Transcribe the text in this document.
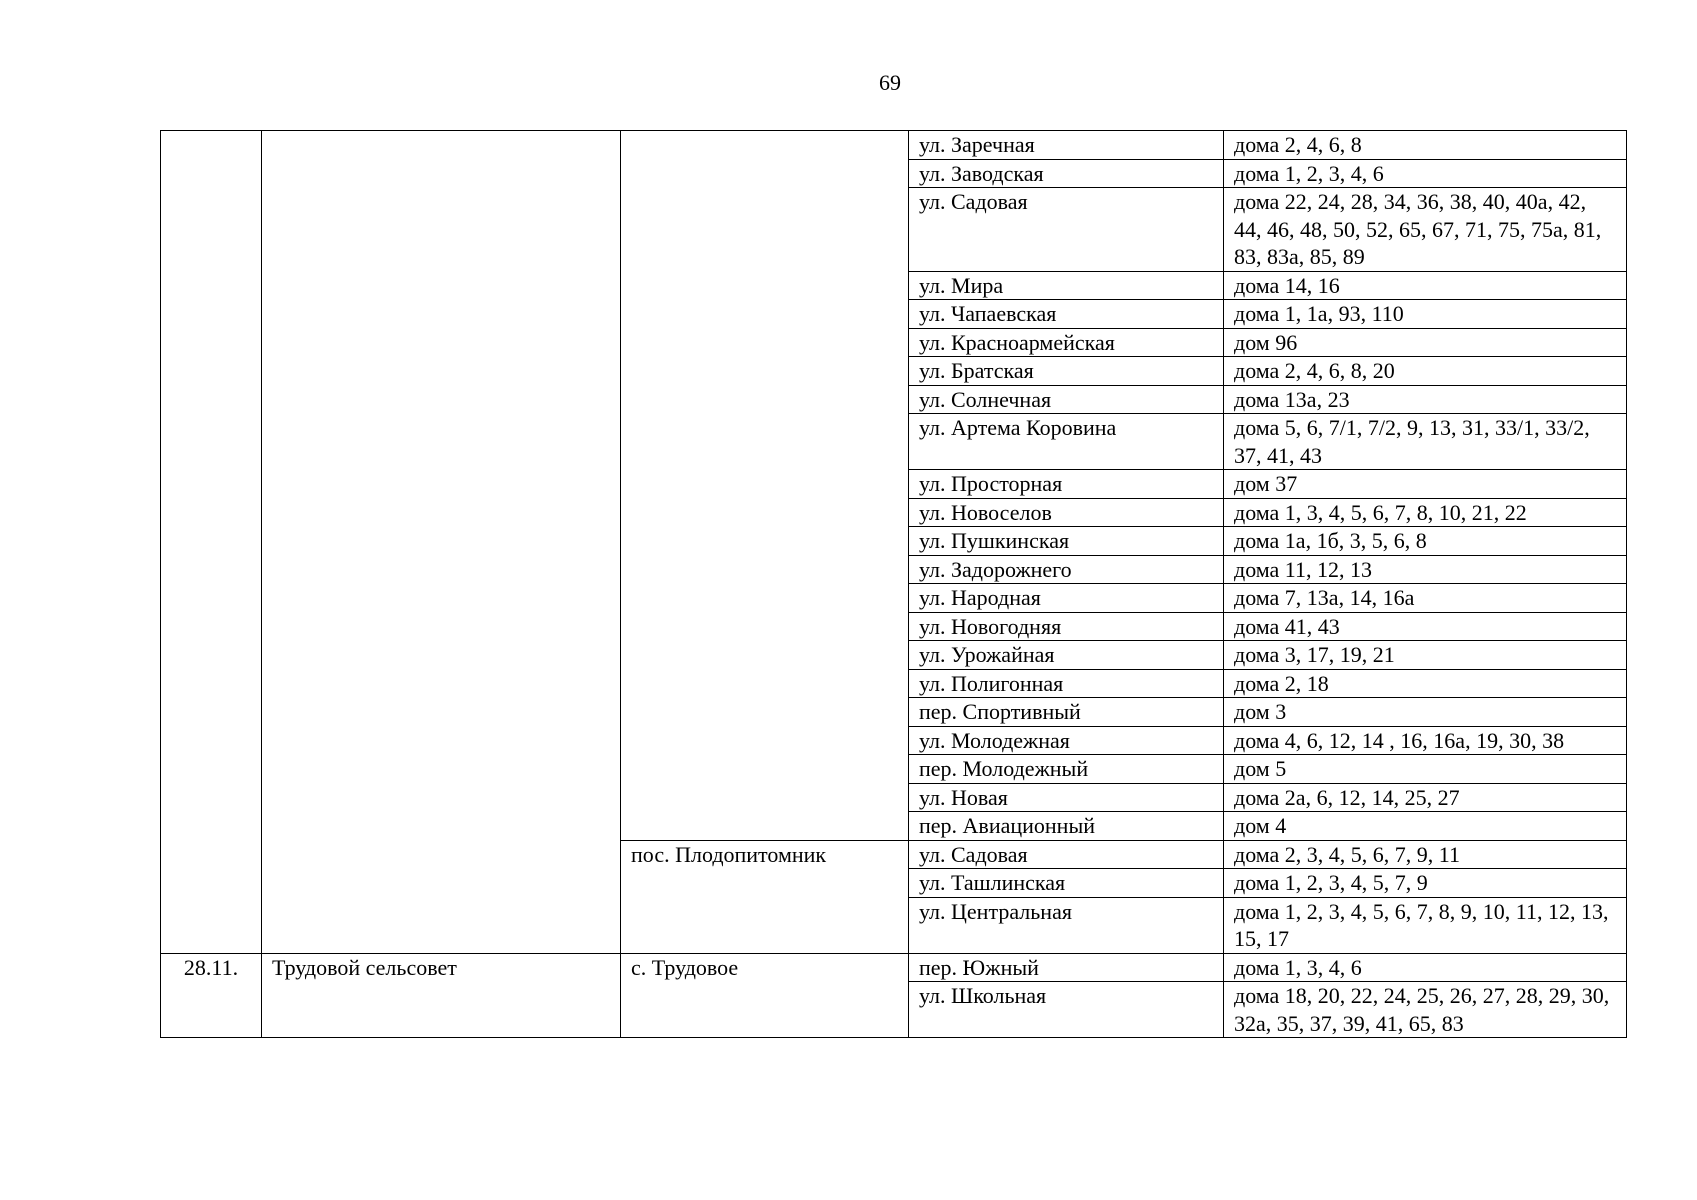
69
			ул. Заречная	дома 2, 4, 6, 8
			ул. Заводская	дома 1, 2, 3, 4, 6
			ул. Садовая	дома 22, 24, 28, 34, 36, 38, 40, 40а, 42, 44, 46, 48, 50, 52, 65, 67, 71, 75, 75а, 81, 83, 83а, 85, 89
			ул. Мира	дома 14, 16
			ул. Чапаевская	дома 1, 1а, 93, 110
			ул. Красноармейская	дом 96
			ул. Братская	дома 2, 4, 6, 8, 20
			ул. Солнечная	дома 13а, 23
			ул. Артема Коровина	дома 5, 6, 7/1, 7/2, 9, 13, 31, 33/1, 33/2, 37, 41, 43
			ул. Просторная	дом 37
			ул. Новоселов	дома 1, 3, 4, 5, 6, 7, 8, 10, 21, 22
			ул. Пушкинская	дома 1а, 1б, 3, 5, 6, 8
			ул. Задорожнего	дома 11, 12, 13
			ул. Народная	дома 7, 13а, 14, 16а
			ул. Новогодняя	дома 41, 43
			ул. Урожайная	дома 3, 17, 19, 21
			ул. Полигонная	дома 2, 18
			пер. Спортивный	дом 3
			ул. Молодежная	дома 4, 6, 12, 14 , 16, 16а, 19, 30, 38
			пер. Молодежный	дом 5
			ул. Новая	дома 2а, 6, 12, 14, 25, 27
			пер. Авиационный	дом 4
		пос. Плодопитомник	ул. Садовая	дома 2, 3, 4, 5, 6, 7, 9, 11
			ул. Ташлинская	дома 1, 2, 3, 4, 5, 7, 9
			ул. Центральная	дома 1, 2, 3, 4, 5, 6, 7, 8, 9, 10, 11, 12, 13, 15, 17
28.11.	Трудовой сельсовет	с. Трудовое	пер. Южный	дома 1, 3, 4, 6
			ул. Школьная	дома 18, 20, 22, 24, 25, 26, 27, 28, 29, 30, 32а, 35, 37, 39, 41, 65, 83
